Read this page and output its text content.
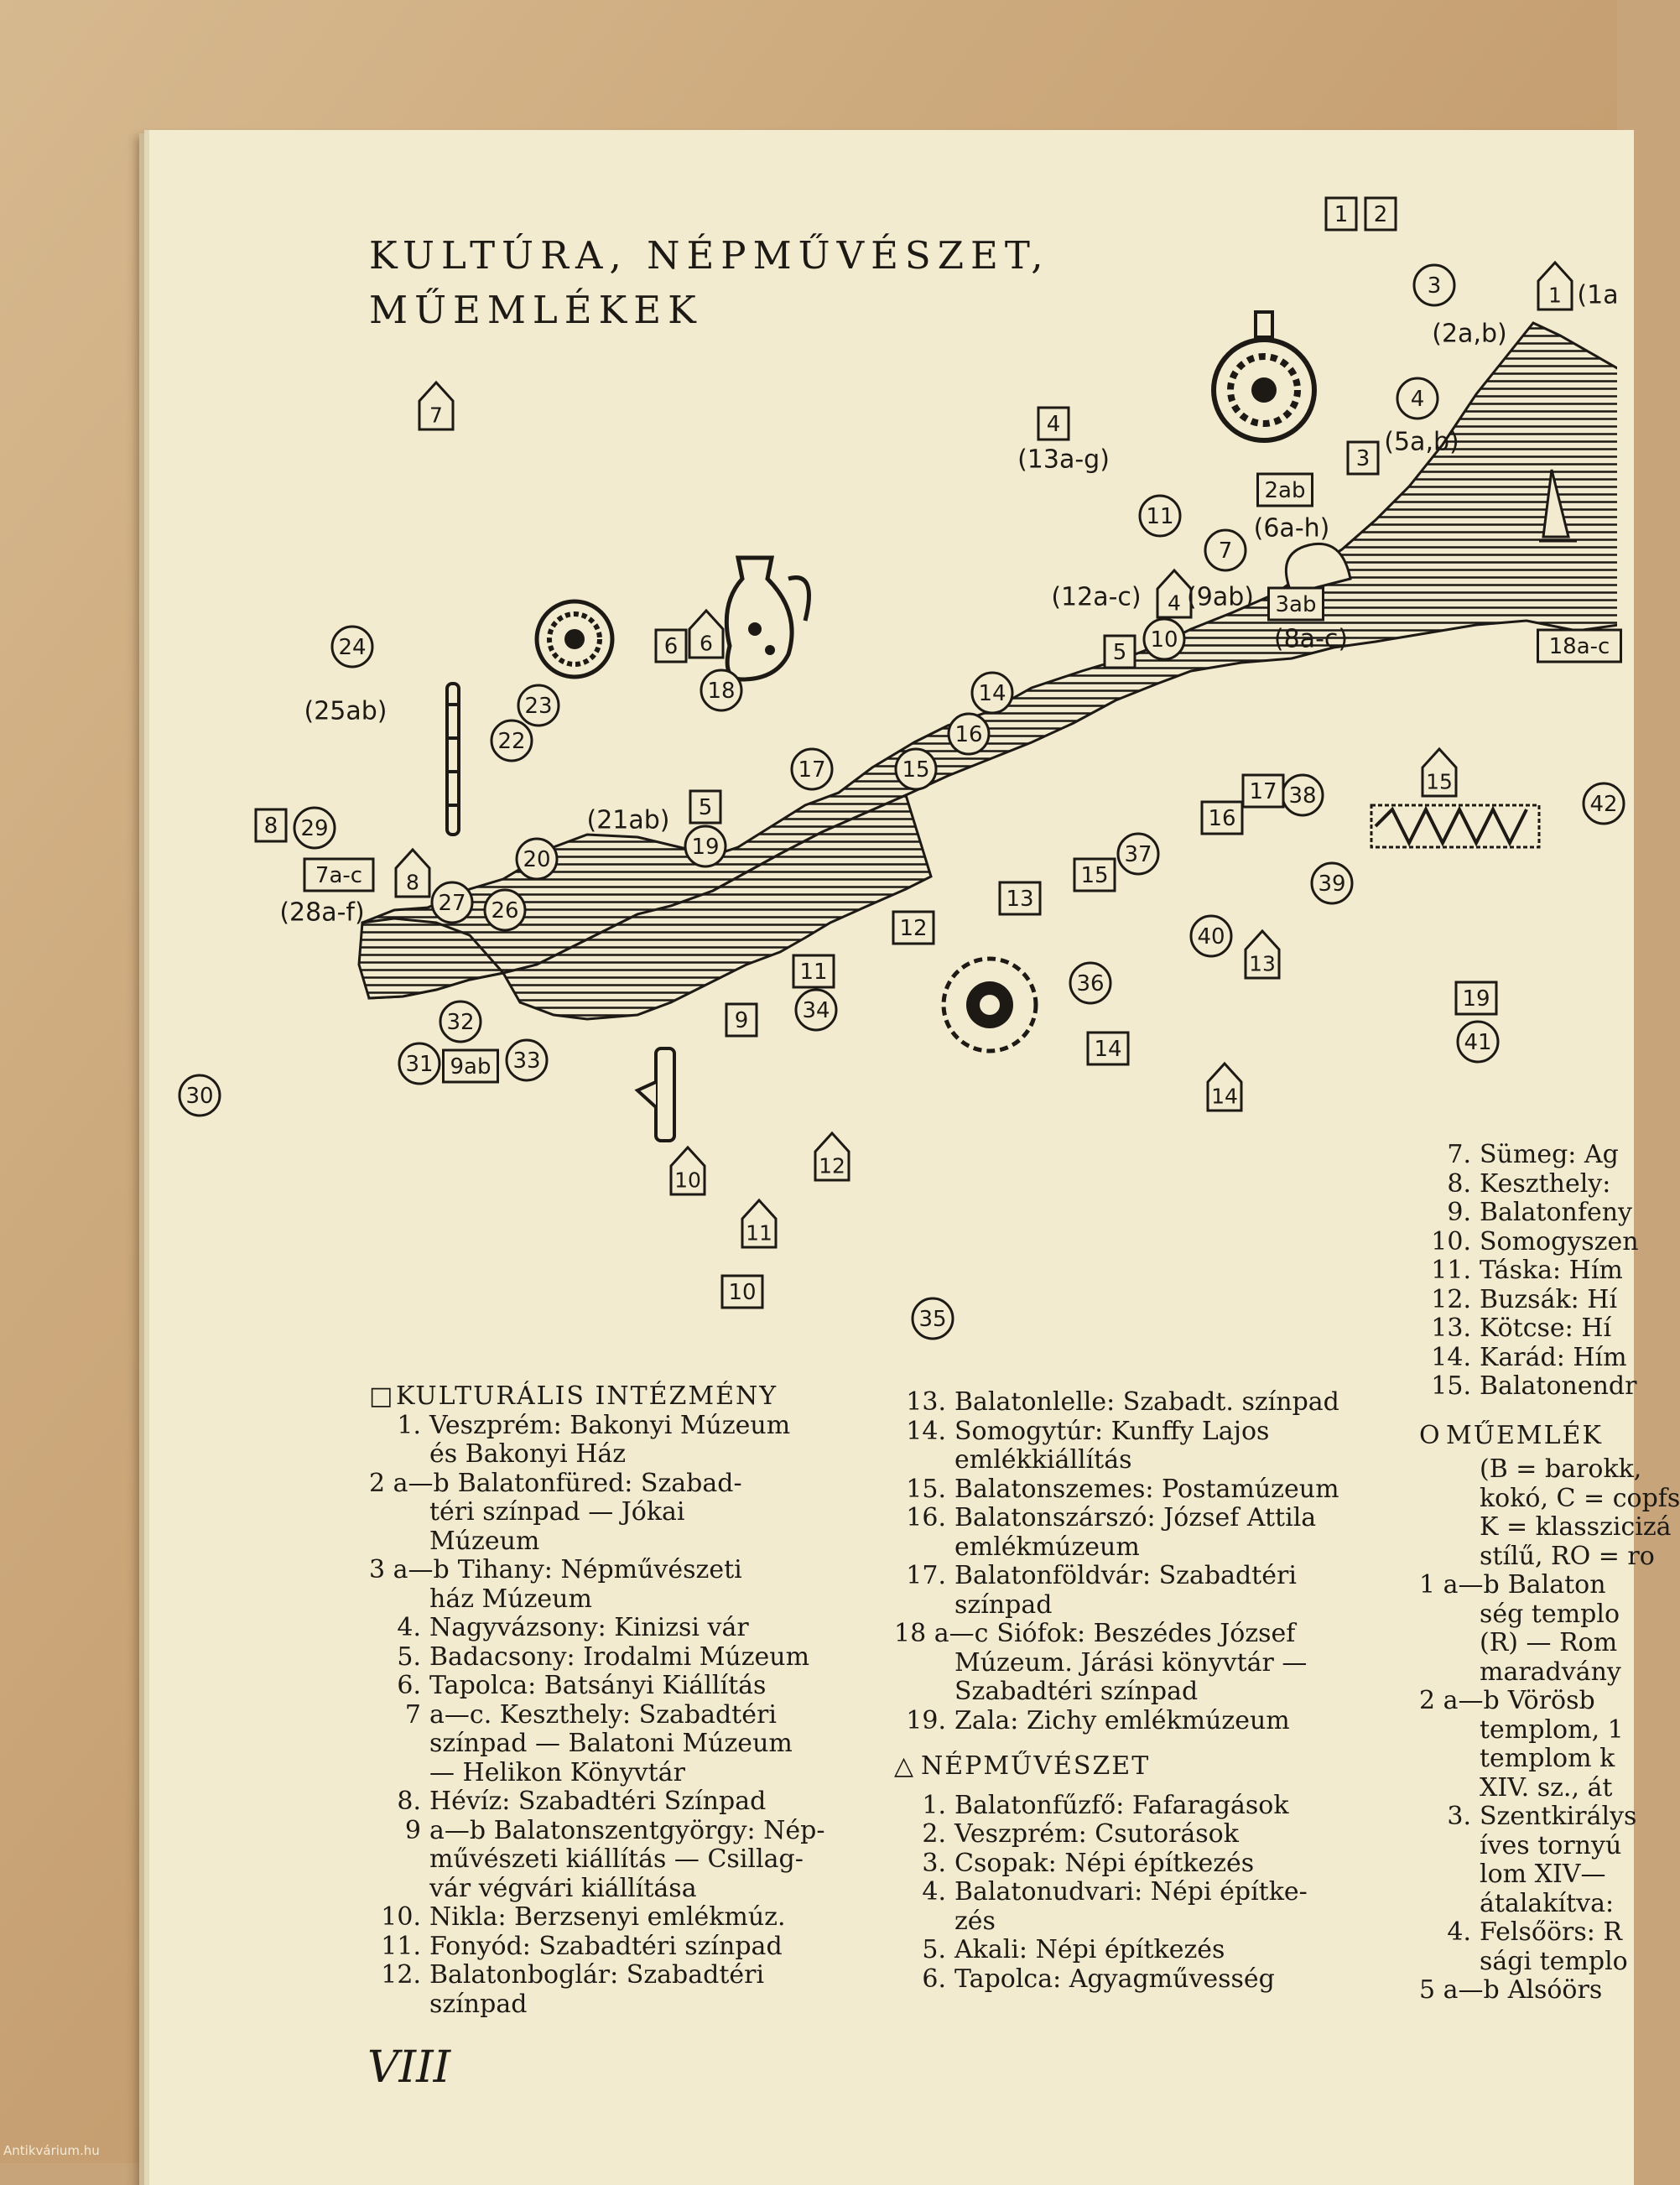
KULTÚRA, NÉPMŰVÉSZET,
MŰEMLÉKEK
3
4
11
7
10
24
23
18
22
14
16
17	15
29
19
38	42
37
20
39
27 26
40
36
34
32
41
31	33
30
35
1 2
4
3
2ab
3ab
18a-c
6	5
5
17
16
8
7a-c	15
13
12
11
9
19
14
9ab
10
7
1
4
6
15
8
13
14
10
12
11
(1a
(2a,b)
(5a,b)
(13a-g)
(6a-h)
(12a-c) (9ab)
(8a-c)
(25ab)
(21ab)
(28a-f)
□KULTURÁLIS INTÉZMÉNY
1. Veszprém: Bakonyi Múzeum
és Bakonyi Ház
2 a—b Balatonfüred: Szabad-
téri színpad — Jókai
Múzeum
3 a—b Tihany: Népművészeti
ház Múzeum
4. Nagyvázsony: Kinizsi vár
5. Badacsony: Irodalmi Múzeum
6. Tapolca: Batsányi Kiállítás
7 a—c. Keszthely: Szabadtéri
színpad — Balatoni Múzeum
— Helikon Könyvtár
8. Hévíz: Szabadtéri Színpad
9 a—b Balatonszentgyörgy: Nép-
művészeti kiállítás — Csillag-
vár végvári kiállítása
10. Nikla: Berzsenyi emlékmúz.
11. Fonyód: Szabadtéri színpad
12. Balatonboglár: Szabadtéri
színpad
13. Balatonlelle: Szabadt. színpad
14. Somogytúr: Kunffy Lajos
emlékkiállítás
15. Balatonszemes: Postamúzeum
16. Balatonszárszó: József Attila
emlékmúzeum
17. Balatonföldvár: Szabadtéri
színpad
18 a—c Siófok: Beszédes József
Múzeum. Járási könyvtár —
Szabadtéri színpad
19. Zala: Zichy emlékmúzeum
△ NÉPMŰVÉSZET
1. Balatonfűzfő: Fafaragások
2. Veszprém: Csutorások
3. Csopak: Népi építkezés
4. Balatonudvari: Népi építke-
zés
5. Akali: Népi építkezés
6. Tapolca: Agyagművesség
7. Sümeg: Ag
8. Keszthely:
9. Balatonfeny
10. Somogyszen
11. Táska: Hím
12. Buzsák: Hí
13. Kötcse: Hí
14. Karád: Hím
15. Balatonendr
O MŰEMLÉK
(B = barokk,
kokó, C = copfs
K = klasszicizá
stílű, RO = ro
1 a—b Balaton
ség templo
(R) — Rom
maradvány
2 a—b Vörösb
templom, 1
templom k
XIV. sz., át
3. Szentkirálys
íves tornyú
lom XIV—
átalakítva:
4. Felsőörs: R
sági templo
5 a—b Alsóörs
VIII
Antikvárium.hu
